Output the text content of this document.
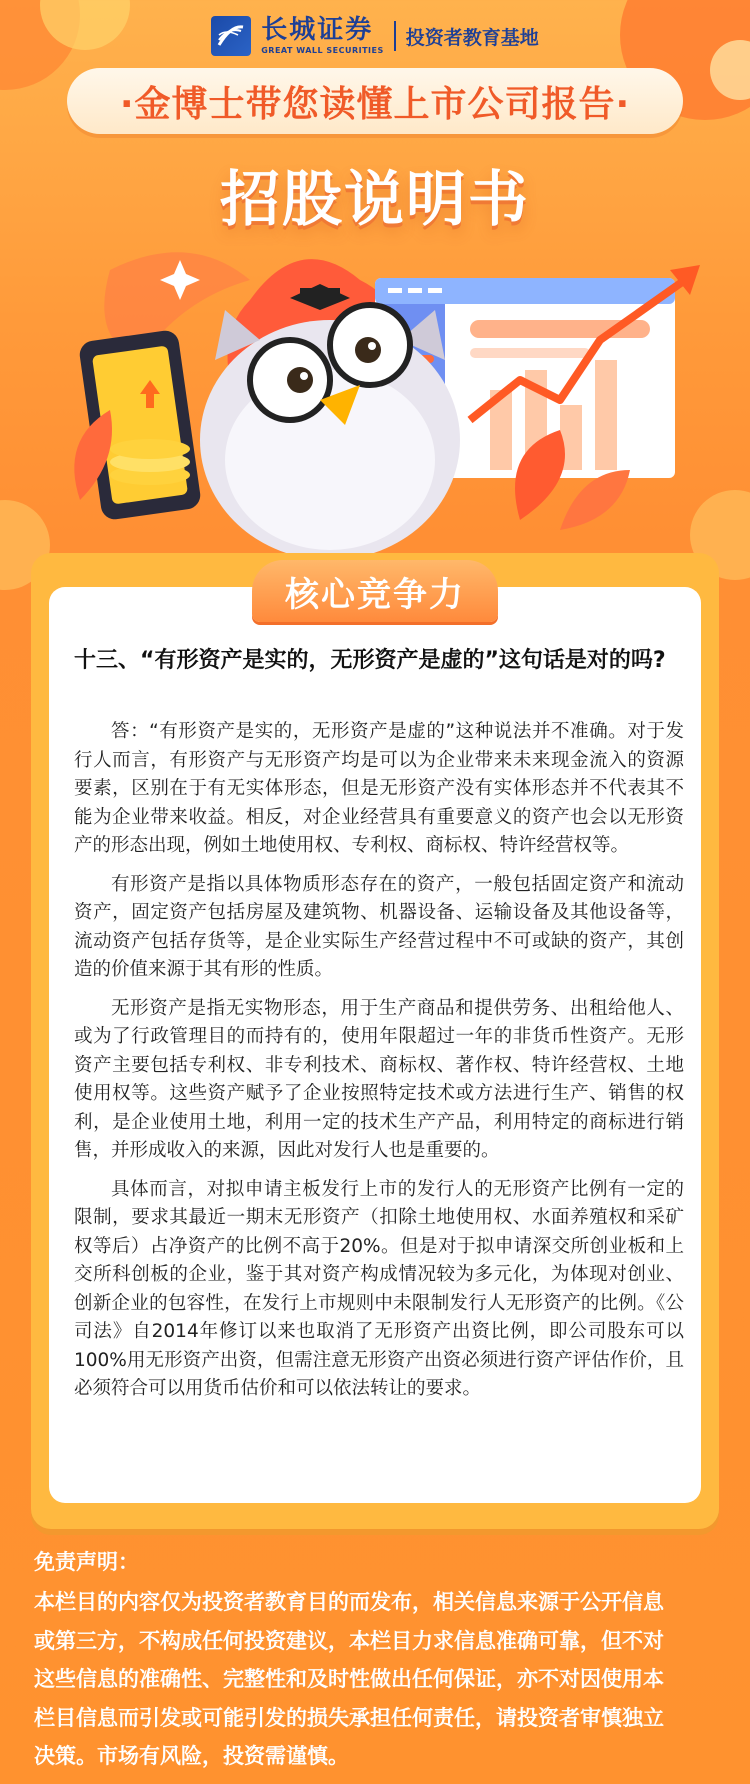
长城证券
GREAT WALL SECURITIES
投资者教育基地
·金博士带您读懂上市公司报告·
招股说明书
核心竞争力
十三、“有形资产是实的，无形资产是虚的”这句话是对的吗?

答：“有形资产是实的，无形资产是虚的”这种说法并不准确。对于发行人而言，有形资产与无形资产均是可以为企业带来未来现金流入的资源要素，区别在于有无实体形态，但是无形资产没有实体形态并不代表其不能为企业带来收益。相反，对企业经营具有重要意义的资产也会以无形资产的形态出现，例如土地使用权、专利权、商标权、特许经营权等。

有形资产是指以具体物质形态存在的资产，一般包括固定资产和流动资产，固定资产包括房屋及建筑物、机器设备、运输设备及其他设备等，流动资产包括存货等，是企业实际生产经营过程中不可或缺的资产，其创造的价值来源于其有形的性质。

无形资产是指无实物形态，用于生产商品和提供劳务、出租给他人、或为了行政管理目的而持有的，使用年限超过一年的非货币性资产。无形资产主要包括专利权、非专利技术、商标权、著作权、特许经营权、土地使用权等。这些资产赋予了企业按照特定技术或方法进行生产、销售的权利，是企业使用土地，利用一定的技术生产产品，利用特定的商标进行销售，并形成收入的来源，因此对发行人也是重要的。

具体而言，对拟申请主板发行上市的发行人的无形资产比例有一定的限制，要求其最近一期末无形资产（扣除土地使用权、水面养殖权和采矿权等后）占净资产的比例不高于20%。但是对于拟申请深交所创业板和上交所科创板的企业，鉴于其对资产构成情况较为多元化，为体现对创业、创新企业的包容性，在发行上市规则中未限制发行人无形资产的比例。《公司法》自2014年修订以来也取消了无形资产出资比例，即公司股东可以100%用无形资产出资，但需注意无形资产出资必须进行资产评估作价，且必须符合可以用货币估价和可以依法转让的要求。

免责声明：
本栏目的内容仅为投资者教育目的而发布，相关信息来源于公开信息或第三方，不构成任何投资建议，本栏目力求信息准确可靠，但不对这些信息的准确性、完整性和及时性做出任何保证，亦不对因使用本栏目信息而引发或可能引发的损失承担任何责任，请投资者审慎独立决策。市场有风险，投资需谨慎。
